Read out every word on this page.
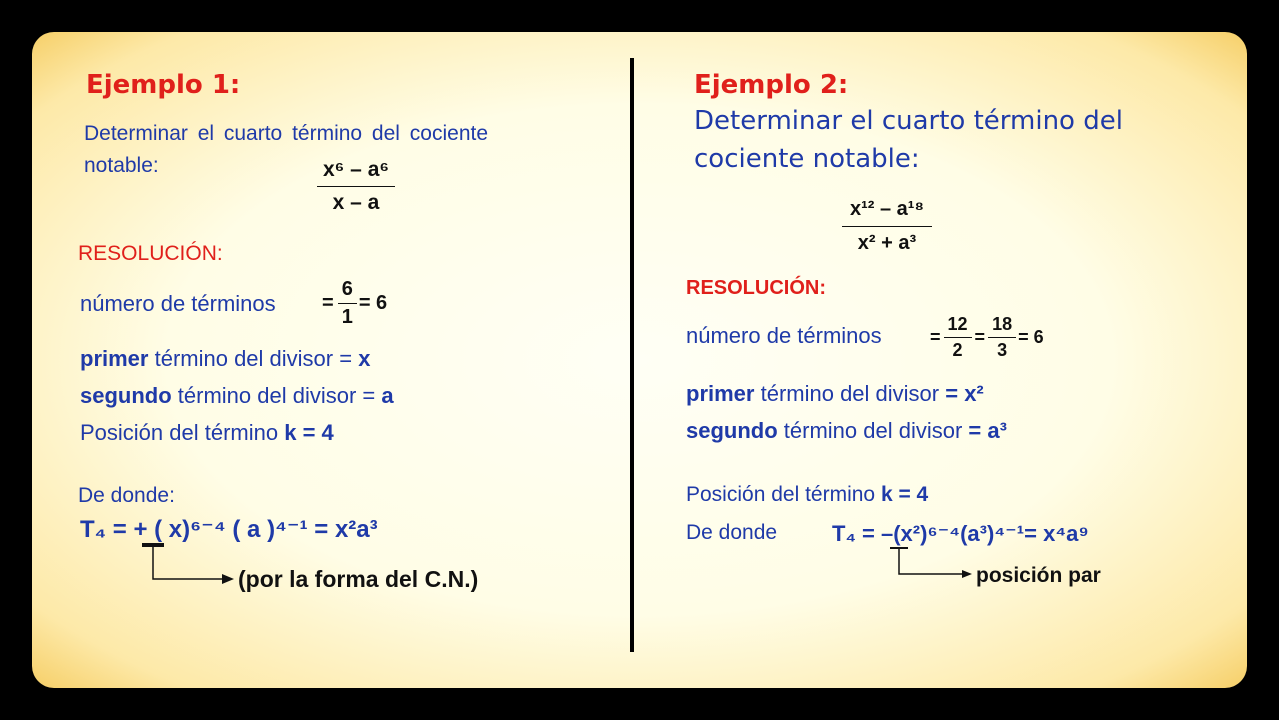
Ejemplo 1:
Determinar el cuarto término del cociente
notable:	$\frac{\text{x⁶ – a⁶}}{x - a}$
RESOLUCIÓN:
número de términos = $\frac{6}{1} = 6$
primer término del divisor = x
segundo término del divisor = a
Posición del término k = 4
De donde:
T₄ = + ( x)⁶⁻⁴ ( a )⁴⁻¹ = x²a³
(por la forma del C.N.)
Ejemplo 2:
Determinar el cuarto término del
cociente notable:
$\frac{\text{x¹² – a¹⁸}}{\text{x² + a³}}$
RESOLUCIÓN:
número de términos	= $\frac{12}{2} = \frac{18}{3} = 6$
primer término del divisor = x²
segundo término del divisor = a³
Posición del término k = 4
De donde T₄ = –(x²)⁶⁻⁴(a³)⁴⁻¹= x⁴a⁹
posición par
